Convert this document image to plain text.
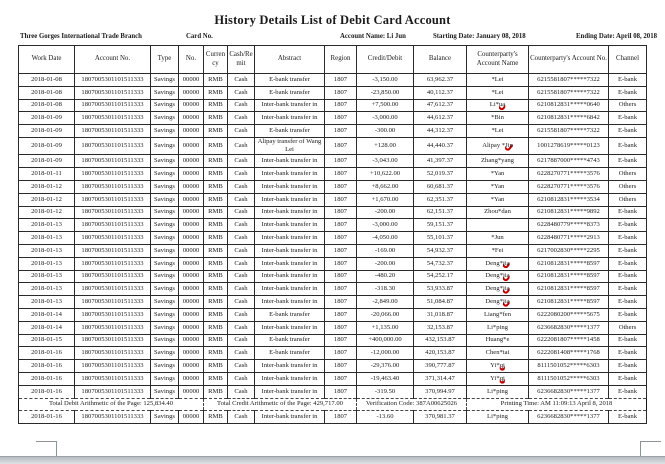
History Details List of Debit Card Account
Three Gorges International Trade Branch	Card No.	Account Name: Li Jun	Starting Date: January 08, 2018	Ending Date: April 08, 2018
Work Date	Account No.	Type	No.	Currency	Cash/Remit	Abstract	Region	Credit/Debit	Balance	Counterparty's Account Name	Counterparty's Account No.	Channel
2018-01-08	1807005301101511333	Savings	00000	RMB	Cash	E-bank transfer	1807	-3,150.00	63,962.37	*Lei	6215581807*****7322	E-bank
2018-01-08	1807005301101511333	Savings	00000	RMB	Cash	E-bank transfer	1807	-23,850.00	40,112.37	*Lei	6215581807*****7322	E-bank
2018-01-08	1807005301101511333	Savings	00000	RMB	Cash	Inter-bank transfer in	1807	+7,500.00	47,612.37	Li*ua	6210812831*****0640	Others
2018-01-09	1807005301101511333	Savings	00000	RMB	Cash	Inter-bank transfer in	1807	-3,000.00	44,612.37	*Bin	6210812831*****6842	E-bank
2018-01-09	1807005301101511333	Savings	00000	RMB	Cash	E-bank transfer	1807	-300.00	44,312.37	*Lei	6215581807*****7322	E-bank
2018-01-09	1807005301101511333	Savings	00000	RMB	Cash	Alipay transfer of Wang Lei	1807	+128.00	44,440.37	Alipay *Jin	1001278619*****0123	E-bank
2018-01-09	1807005301101511333	Savings	00000	RMB	Cash	Inter-bank transfer in	1807	-3,043.00	41,397.37	Zhang*yang	6217887000*****4743	E-bank
2018-01-11	1807005301101511333	Savings	00000	RMB	Cash	Inter-bank transfer in	1807	+10,622.00	52,019.37	*Yan	6228270771*****3576	Others
2018-01-12	1807005301101511333	Savings	00000	RMB	Cash	Inter-bank transfer in	1807	+8,662.00	60,681.37	*Yan	6228270771*****3576	Others
2018-01-12	1807005301101511333	Savings	00000	RMB	Cash	Inter-bank transfer in	1807	+1,670.00	62,351.37	*Yan	6210812831*****3534	Others
2018-01-12	1807005301101511333	Savings	00000	RMB	Cash	Inter-bank transfer in	1807	-200.00	62,151.37	Zhou*dan	6210812831*****9892	E-bank
2018-01-13	1807005301101511333	Savings	00000	RMB	Cash	Inter-bank transfer in	1807	-3,000.00	59,151.37		6228480779*****8373	E-bank
2018-01-13	1807005301101511333	Savings	00000	RMB	Cash	Inter-bank transfer in	1807	-4,050.00	55,101.37	*Jun	6228480771*****2913	E-bank
2018-01-13	1807005301101511333	Savings	00000	RMB	Cash	Inter-bank transfer in	1807	-169.00	54,932.37	*Fei	6217002830*****2295	E-bank
2018-01-13	1807005301101511333	Savings	00000	RMB	Cash	Inter-bank transfer in	1807	-200.00	54,732.37	Deng*jia	6210812831*****8597	E-bank
2018-01-13	1807005301101511333	Savings	00000	RMB	Cash	Inter-bank transfer in	1807	-480.20	54,252.17	Deng*jia	6210812831*****8597	E-bank
2018-01-13	1807005301101511333	Savings	00000	RMB	Cash	Inter-bank transfer in	1807	-318.30	53,933.87	Deng*jia	6210812831*****8597	E-bank
2018-01-13	1807005301101511333	Savings	00000	RMB	Cash	Inter-bank transfer in	1807	-2,849.00	51,084.87	Deng*jia	6210812831*****8597	E-bank
2018-01-14	1807005301101511333	Savings	00000	RMB	Cash	E-bank transfer	1807	-20,066.00	31,018.87	Liang*fen	6222080200*****5675	E-bank
2018-01-14	1807005301101511333	Savings	00000	RMB	Cash	Inter-bank transfer in	1807	+1,135.00	32,153.87	Li*ping	6236682830*****1377	Others
2018-01-15	1807005301101511333	Savings	00000	RMB	Cash	E-bank transfer	1807	+400,000.00	432,153.87	Huang*e	6222081807*****1458	E-bank
2018-01-16	1807005301101511333	Savings	00000	RMB	Cash	E-bank transfer	1807	-12,000.00	420,153.87	Chen*tai	6222081408*****1768	E-bank
2018-01-16	1807005301101511333	Savings	00000	RMB	Cash	Inter-bank transfer in	1807	-29,376.00	390,777.87	Yi*qi	8111501052*****6303	E-bank
2018-01-16	1807005301101511333	Savings	00000	RMB	Cash	Inter-bank transfer in	1807	-19,463.40	371,314.47	Yi*qi	8111501052*****6303	E-bank
2018-01-16	1807005301101511333	Savings	00000	RMB	Cash	Inter-bank transfer in	1807	-319.50	370,994.97	Li*ping	6236682830*****1377	E-bank
Total Debit Arithmetic of the Page: 125,834.40				Total Credit Arithmetic of the Page: 429,717.00				Verification Code: 387A00625026		Printing Time: AM 11:09:13 April 8, 2018		
2018-01-16	1807005301101511333	Savings	00000	RMB	Cash	Inter-bank transfer in	1807	-13.60	370,981.37	Li*ping	6236682830*****1377	E-bank
